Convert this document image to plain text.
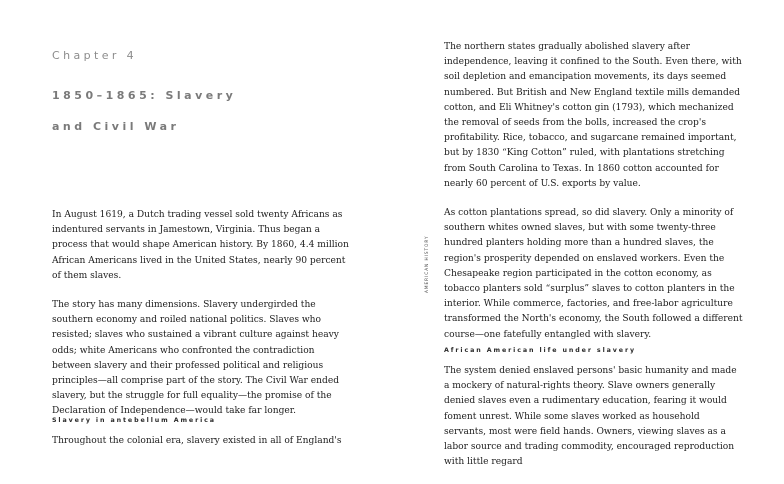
Chapter 4

1850–1865: Slavery
and Civil War

In August 1619, a Dutch trading vessel sold twenty Africans as indentured servants in Jamestown, Virginia. Thus began a process that would shape American history. By 1860, 4.4 million African Americans lived in the United States, nearly 90 percent of them slaves.

The story has many dimensions. Slavery undergirded the southern economy and roiled national politics. Slaves who resisted; slaves who sustained a vibrant culture against heavy odds; white Americans who confronted the contradiction between slavery and their professed political and religious principles—all comprise part of the story. The Civil War ended slavery, but the struggle for full equality—the promise of the Declaration of Independence—would take far longer.

Slavery in antebellum America

Throughout the colonial era, slavery existed in all of England's

AMERICAN HISTORY

The northern states gradually abolished slavery after independence, leaving it confined to the South. Even there, with soil depletion and emancipation movements, its days seemed numbered. But British and New England textile mills demanded cotton, and Eli Whitney's cotton gin (1793), which mechanized the removal of seeds from the bolls, increased the crop's profitability. Rice, tobacco, and sugarcane remained important, but by 1830 “King Cotton” ruled, with plantations stretching from South Carolina to Texas. In 1860 cotton accounted for nearly 60 percent of U.S. exports by value.

As cotton plantations spread, so did slavery. Only a minority of southern whites owned slaves, but with some twenty-three hundred planters holding more than a hundred slaves, the region's prosperity depended on enslaved workers. Even the Chesapeake region participated in the cotton economy, as tobacco planters sold “surplus” slaves to cotton planters in the interior. While commerce, factories, and free-labor agriculture transformed the North's economy, the South followed a different course—one fatefully entangled with slavery.

African American life under slavery

The system denied enslaved persons' basic humanity and made a mockery of natural-rights theory. Slave owners generally denied slaves even a rudimentary education, fearing it would foment unrest. While some slaves worked as household servants, most were field hands. Owners, viewing slaves as a labor source and trading commodity, encouraged reproduction with little regard
